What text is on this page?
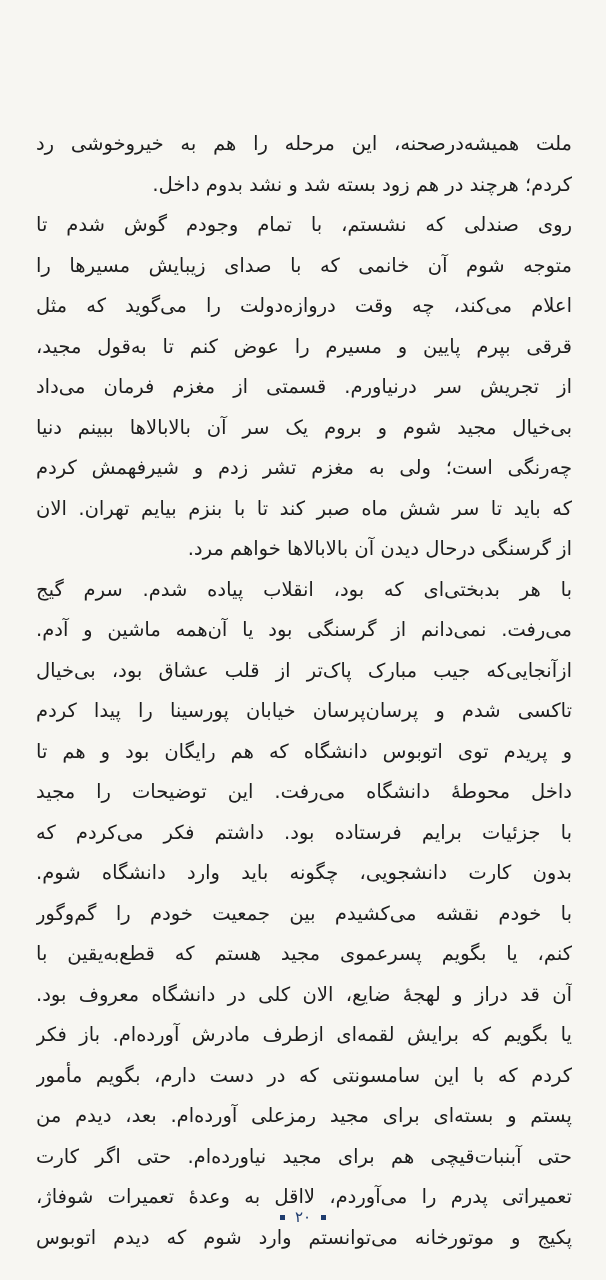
ملت همیشه‌درصحنه، این مرحله را هم به خیروخوشی رد
کردم؛ هرچند در هم زود بسته شد و نشد بدوم داخل.
روی صندلی که نشستم، با تمام وجودم گوش شدم تا
متوجه شوم آن خانمی که با صدای زیبایش مسیرها را
اعلام می‌کند، چه وقت دروازه‌دولت را می‌گوید که مثل
قرقی بپرم پایین و مسیرم را عوض کنم تا به‌قول مجید،
از تجریش سر درنیاورم. قسمتی از مغزم فرمان می‌داد
بی‌خیال مجید شوم و بروم یک سر آن بالابالاها ببینم دنیا
چه‌رنگی است؛ ولی به مغزم تشر زدم و شیرفهمش کردم
که باید تا سر شش ماه صبر کند تا با بنزم بیایم تهران. الان
از گرسنگی درحال دیدن آن بالابالاها خواهم مرد.
با هر بدبختی‌ای که بود، انقلاب پیاده شدم. سرم گیج
می‌رفت. نمی‌دانم از گرسنگی بود یا آن‌همه ماشین و آدم.
ازآنجایی‌که جیب مبارک پاک‌تر از قلب عشاق بود، بی‌خیال
تاکسی شدم و پرسان‌پرسان خیابان پورسینا را پیدا کردم
و پریدم توی اتوبوس دانشگاه که هم رایگان بود و هم تا
داخل محوطهٔ دانشگاه می‌رفت. این توضیحات را مجید
با جزئیات برایم فرستاده بود. داشتم فکر می‌کردم که
بدون کارت دانشجویی، چگونه باید وارد دانشگاه شوم.
با خودم نقشه می‌کشیدم بین جمعیت خودم را گم‌وگور
کنم، یا بگویم پسرعموی مجید هستم که قطع‌به‌یقین با
آن قد دراز و لهجهٔ ضایع، الان کلی در دانشگاه معروف بود.
یا بگویم که برایش لقمه‌ای ازطرف مادرش آورده‌ام. باز فکر
کردم که با این سامسونتی که در دست دارم، بگویم مأمور
پستم و بسته‌ای برای مجید رمزعلی آورده‌ام. بعد، دیدم من
حتی آبنبات‌قیچی هم برای مجید نیاورده‌ام. حتی اگر کارت
تعمیراتی پدرم را می‌آوردم، لااقل به وعدهٔ تعمیرات شوفاژ،
پکیج و موتورخانه می‌توانستم وارد شوم که دیدم اتوبوس
۲۰
